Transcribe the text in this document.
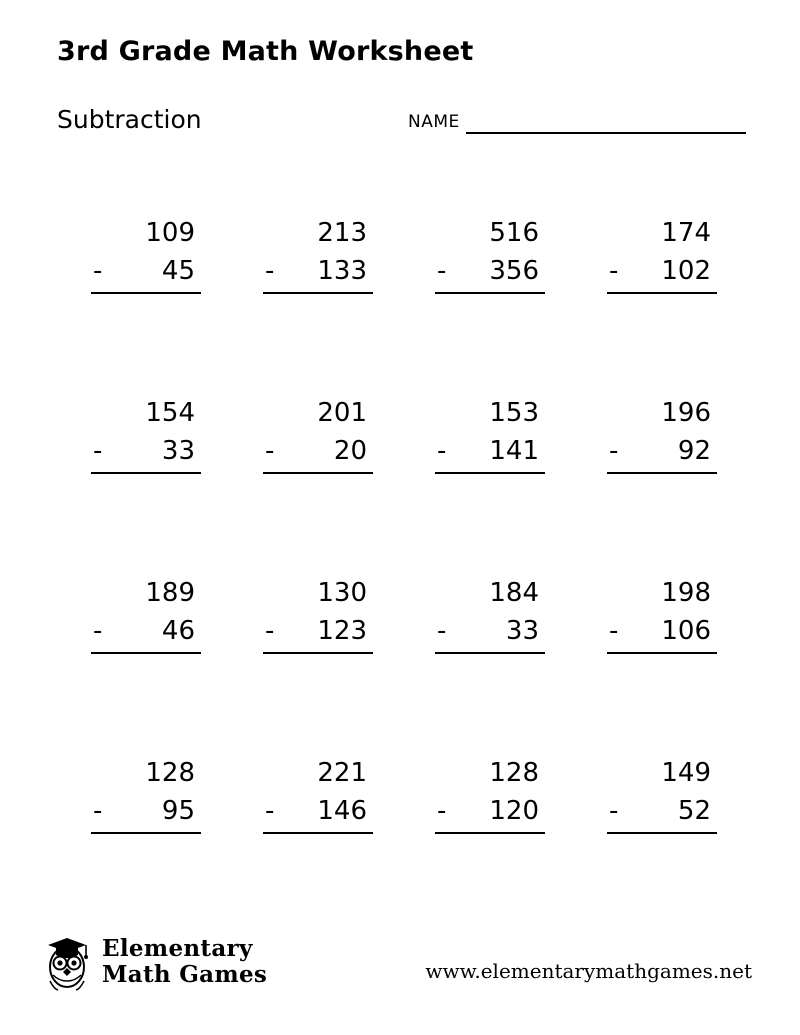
3rd Grade Math Worksheet
Subtraction	NAME
109
- 45
213
- 133
516
- 356
174
- 102
154
- 33
201
- 20
153
- 141
196
- 92
189
- 46
130
- 123
184
- 33
198
- 106
128
- 95
221
- 146
128
- 120
149
- 52
Elementary
Math Games	www.elementarymathgames.net
